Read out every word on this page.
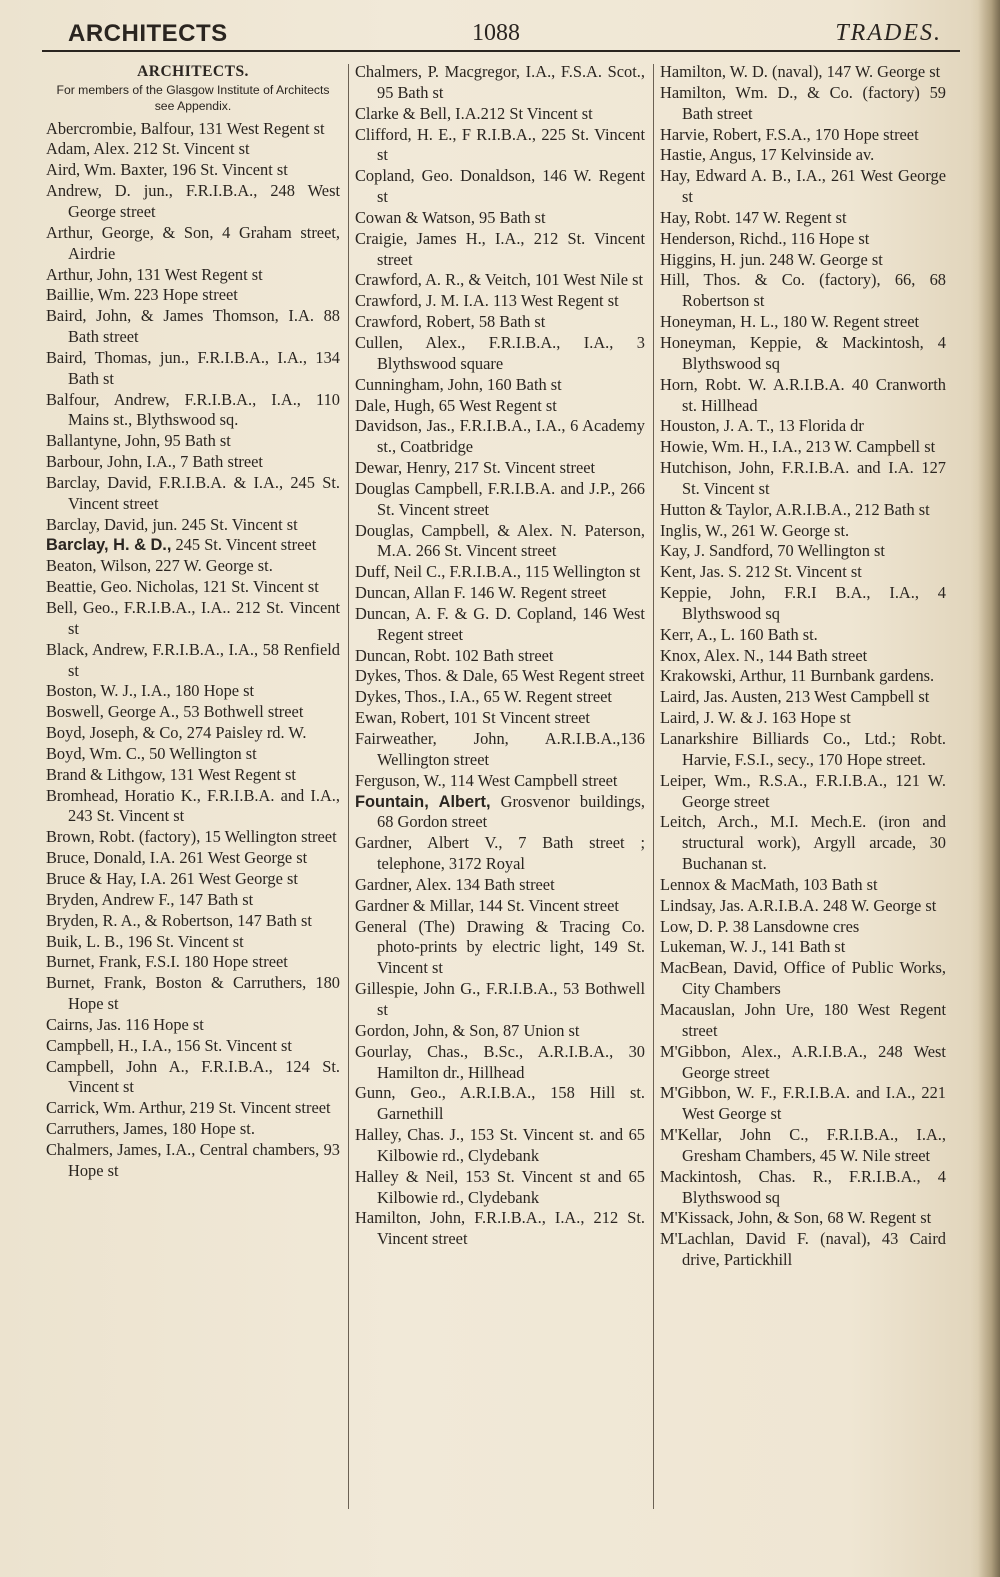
ARCHITECTS	1088	TRADES.

ARCHITECTS.

For members of the Glasgow Institute of Architects see Appendix.

Abercrombie, Balfour, 131 West Regent st

Adam, Alex. 212 St. Vincent st

Aird, Wm. Baxter, 196 St. Vincent st

Andrew, D. jun., F.R.I.B.A., 248 West George street

Arthur, George, & Son, 4 Graham street, Airdrie

Arthur, John, 131 West Regent st

Baillie, Wm. 223 Hope street

Baird, John, & James Thomson, I.A. 88 Bath street

Baird, Thomas, jun., F.R.I.B.A., I.A., 134 Bath st

Balfour, Andrew, F.R.I.B.A., I.A., 110 Mains st., Blythswood sq.

Ballantyne, John, 95 Bath st

Barbour, John, I.A., 7 Bath street

Barclay, David, F.R.I.B.A. & I.A., 245 St. Vincent street

Barclay, David, jun. 245 St. Vincent st

Barclay, H. & D., 245 St. Vincent street

Beaton, Wilson, 227 W. George st.

Beattie, Geo. Nicholas, 121 St. Vincent st

Bell, Geo., F.R.I.B.A., I.A.. 212 St. Vincent st

Black, Andrew, F.R.I.B.A., I.A., 58 Renfield st

Boston, W. J., I.A., 180 Hope st

Boswell, George A., 53 Bothwell street

Boyd, Joseph, & Co, 274 Paisley rd. W.

Boyd, Wm. C., 50 Wellington st

Brand & Lithgow, 131 West Regent st

Bromhead, Horatio K., F.R.I.B.A. and I.A., 243 St. Vincent st

Brown, Robt. (factory), 15 Wellington street

Bruce, Donald, I.A. 261 West George st

Bruce & Hay, I.A. 261 West George st

Bryden, Andrew F., 147 Bath st

Bryden, R. A., & Robertson, 147 Bath st

Buik, L. B., 196 St. Vincent st

Burnet, Frank, F.S.I. 180 Hope street

Burnet, Frank, Boston & Carruthers, 180 Hope st

Cairns, Jas. 116 Hope st

Campbell, H., I.A., 156 St. Vincent st

Campbell, John A., F.R.I.B.A., 124 St. Vincent st

Carrick, Wm. Arthur, 219 St. Vincent street

Carruthers, James, 180 Hope st.

Chalmers, James, I.A., Central chambers, 93 Hope st

Chalmers, P. Macgregor, I.A., F.S.A. Scot., 95 Bath st

Clarke & Bell, I.A.212 St Vincent st

Clifford, H. E., F R.I.B.A., 225 St. Vincent st

Copland, Geo. Donaldson, 146 W. Regent st

Cowan & Watson, 95 Bath st

Craigie, James H., I.A., 212 St. Vincent street

Crawford, A. R., & Veitch, 101 West Nile st

Crawford, J. M. I.A. 113 West Regent st

Crawford, Robert, 58 Bath st

Cullen, Alex., F.R.I.B.A., I.A., 3 Blythswood square

Cunningham, John, 160 Bath st

Dale, Hugh, 65 West Regent st

Davidson, Jas., F.R.I.B.A., I.A., 6 Academy st., Coatbridge

Dewar, Henry, 217 St. Vincent street

Douglas Campbell, F.R.I.B.A. and J.P., 266 St. Vincent street

Douglas, Campbell, & Alex. N. Paterson, M.A. 266 St. Vincent street

Duff, Neil C., F.R.I.B.A., 115 Wellington st

Duncan, Allan F. 146 W. Regent street

Duncan, A. F. & G. D. Copland, 146 West Regent street

Duncan, Robt. 102 Bath street

Dykes, Thos. & Dale, 65 West Regent street

Dykes, Thos., I.A., 65 W. Regent street

Ewan, Robert, 101 St Vincent street

Fairweather, John, A.R.I.B.A.,136 Wellington street

Ferguson, W., 114 West Campbell street

Fountain, Albert, Grosvenor buildings, 68 Gordon street

Gardner, Albert V., 7 Bath street ; telephone, 3172 Royal

Gardner, Alex. 134 Bath street

Gardner & Millar, 144 St. Vincent street

General (The) Drawing & Tracing Co. photo-prints by electric light, 149 St. Vincent st

Gillespie, John G., F.R.I.B.A., 53 Bothwell st

Gordon, John, & Son, 87 Union st

Gourlay, Chas., B.Sc., A.R.I.B.A., 30 Hamilton dr., Hillhead

Gunn, Geo., A.R.I.B.A., 158 Hill st. Garnethill

Halley, Chas. J., 153 St. Vincent st. and 65 Kilbowie rd., Clydebank

Halley & Neil, 153 St. Vincent st and 65 Kilbowie rd., Clydebank

Hamilton, John, F.R.I.B.A., I.A., 212 St. Vincent street

Hamilton, W. D. (naval), 147 W. George st

Hamilton, Wm. D., & Co. (factory) 59 Bath street

Harvie, Robert, F.S.A., 170 Hope street

Hastie, Angus, 17 Kelvinside av.

Hay, Edward A. B., I.A., 261 West George st

Hay, Robt. 147 W. Regent st

Henderson, Richd., 116 Hope st

Higgins, H. jun. 248 W. George st

Hill, Thos. & Co. (factory), 66, 68 Robertson st

Honeyman, H. L., 180 W. Regent street

Honeyman, Keppie, & Mackintosh, 4 Blythswood sq

Horn, Robt. W. A.R.I.B.A. 40 Cranworth st. Hillhead

Houston, J. A. T., 13 Florida dr

Howie, Wm. H., I.A., 213 W. Campbell st

Hutchison, John, F.R.I.B.A. and I.A. 127 St. Vincent st

Hutton & Taylor, A.R.I.B.A., 212 Bath st

Inglis, W., 261 W. George st.

Kay, J. Sandford, 70 Wellington st

Kent, Jas. S. 212 St. Vincent st

Keppie, John, F.R.I B.A., I.A., 4 Blythswood sq

Kerr, A., L. 160 Bath st.

Knox, Alex. N., 144 Bath street

Krakowski, Arthur, 11 Burnbank gardens.

Laird, Jas. Austen, 213 West Campbell st

Laird, J. W. & J. 163 Hope st

Lanarkshire Billiards Co., Ltd.; Robt. Harvie, F.S.I., secy., 170 Hope street.

Leiper, Wm., R.S.A., F.R.I.B.A., 121 W. George street

Leitch, Arch., M.I. Mech.E. (iron and structural work), Argyll arcade, 30 Buchanan st.

Lennox & MacMath, 103 Bath st

Lindsay, Jas. A.R.I.B.A. 248 W. George st

Low, D. P. 38 Lansdowne cres

Lukeman, W. J., 141 Bath st

MacBean, David, Office of Public Works, City Chambers

Macauslan, John Ure, 180 West Regent street

M'Gibbon, Alex., A.R.I.B.A., 248 West George street

M'Gibbon, W. F., F.R.I.B.A. and I.A., 221 West George st

M'Kellar, John C., F.R.I.B.A., I.A., Gresham Chambers, 45 W. Nile street

Mackintosh, Chas. R., F.R.I.B.A., 4 Blythswood sq

M'Kissack, John, & Son, 68 W. Regent st

M'Lachlan, David F. (naval), 43 Caird drive, Partickhill
